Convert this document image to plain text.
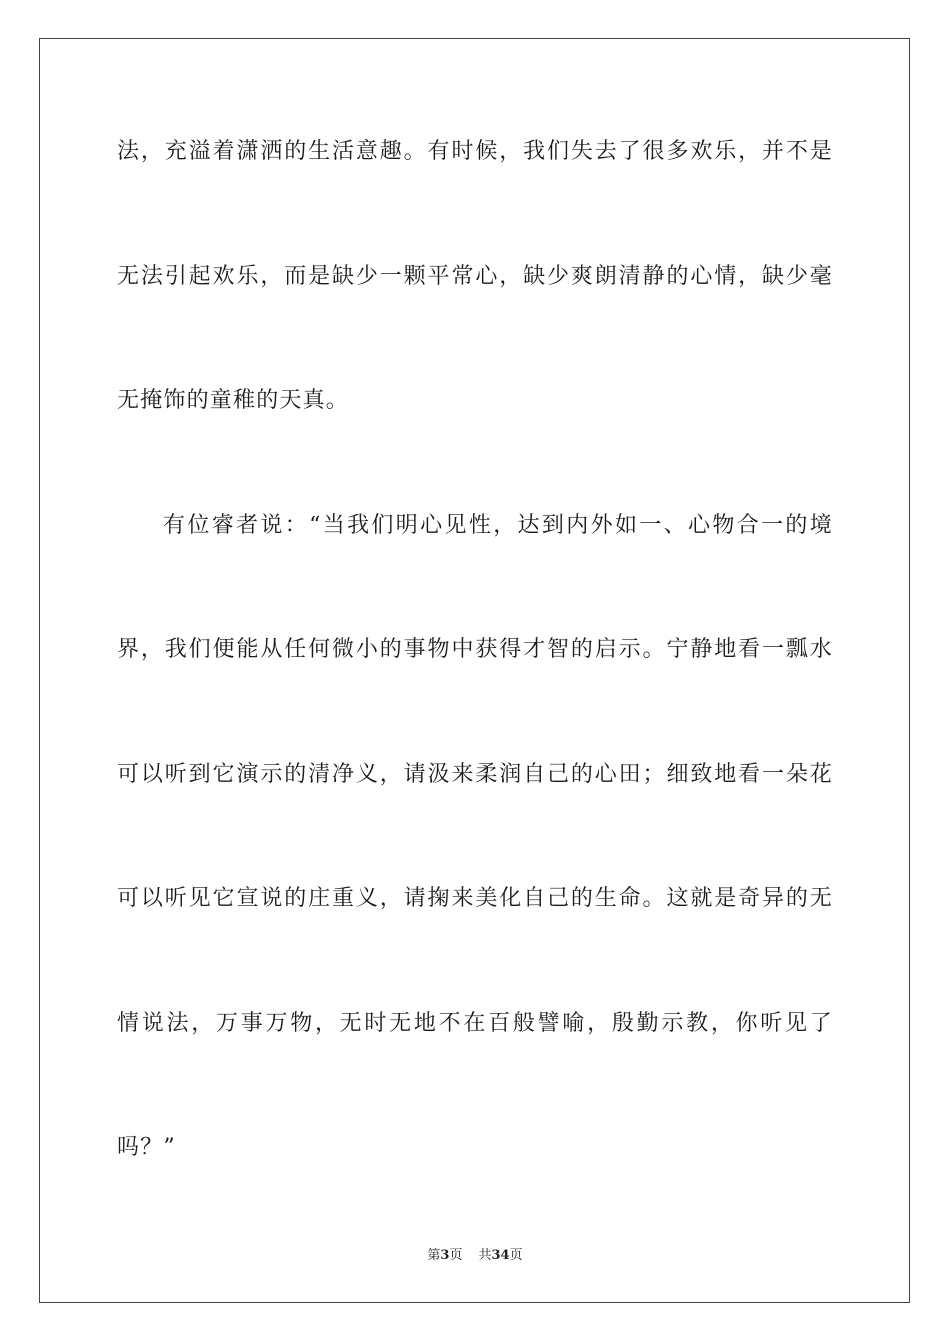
法，充溢着潇洒的生活意趣。有时候，我们失去了很多欢乐，并不是
无法引起欢乐，而是缺少一颗平常心，缺少爽朗清静的心情，缺少毫
无掩饰的童稚的天真。
有位睿者说：“当我们明心见性，达到内外如一、心物合一的境
界，我们便能从任何微小的事物中获得才智的启示。宁静地看一瓢水
可以听到它演示的清净义，请汲来柔润自己的心田；细致地看一朵花
可以听见它宣说的庄重义，请掬来美化自己的生命。这就是奇异的无
情说法，万事万物，无时无地不在百般譬喻，殷勤示教，你听见了
吗？”
第3页 共34页
